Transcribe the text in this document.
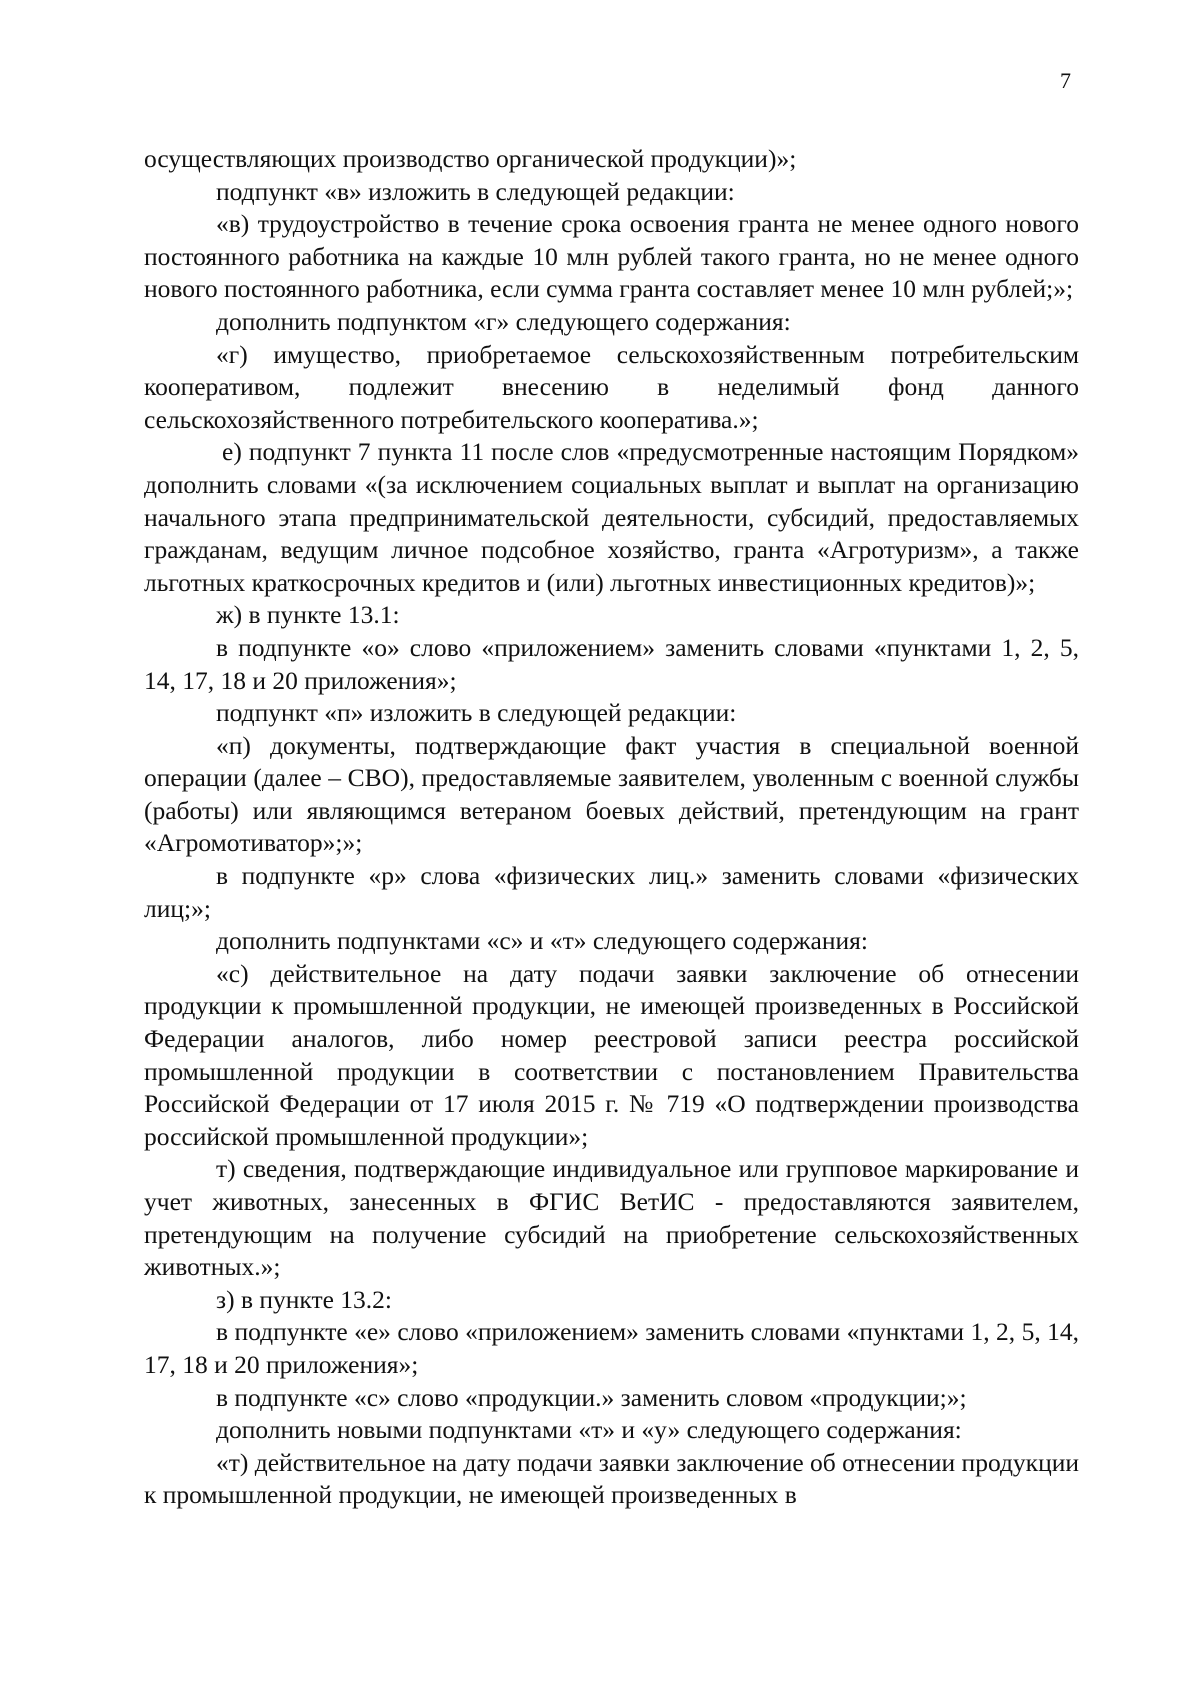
7

осуществляющих производство органической продукции)»;

подпункт «в» изложить в следующей редакции:

«в) трудоустройство в течение срока освоения гранта не менее одного нового постоянного работника на каждые 10 млн рублей такого гранта, но не менее одного нового постоянного работника, если сумма гранта составляет менее 10 млн рублей;»;

дополнить подпунктом «г» следующего содержания:

«г) имущество, приобретаемое сельскохозяйственным потребительским кооперативом, подлежит внесению в неделимый фонд данного сельскохозяйственного потребительского кооператива.»;

е) подпункт 7 пункта 11 после слов «предусмотренные настоящим Порядком» дополнить словами «(за исключением социальных выплат и выплат на организацию начального этапа предпринимательской деятельности, субсидий, предоставляемых гражданам, ведущим личное подсобное хозяйство, гранта «Агротуризм», а также льготных краткосрочных кредитов и (или) льготных инвестиционных кредитов)»;

ж) в пункте 13.1:

в подпункте «о» слово «приложением» заменить словами «пунктами 1, 2, 5, 14, 17, 18 и 20 приложения»;

подпункт «п» изложить в следующей редакции:

«п) документы, подтверждающие факт участия в специальной военной операции (далее – СВО), предоставляемые заявителем, уволенным с военной службы (работы) или являющимся ветераном боевых действий, претендующим на грант «Агромотиватор»;»;

в подпункте «р» слова «физических лиц.» заменить словами «физических лиц;»;

дополнить подпунктами «с» и «т» следующего содержания:

«с) действительное на дату подачи заявки заключение об отнесении продукции к промышленной продукции, не имеющей произведенных в Российской Федерации аналогов, либо номер реестровой записи реестра российской промышленной продукции в соответствии с постановлением Правительства Российской Федерации от 17 июля 2015 г. № 719 «О подтверждении производства российской промышленной продукции»;

т) сведения, подтверждающие индивидуальное или групповое маркирование и учет животных, занесенных в ФГИС ВетИС - предоставляются заявителем, претендующим на получение субсидий на приобретение сельскохозяйственных животных.»;

з) в пункте 13.2:

в подпункте «е» слово «приложением» заменить словами «пунктами 1, 2, 5, 14, 17, 18 и 20 приложения»;

в подпункте «с» слово «продукции.» заменить словом «продукции;»;

дополнить новыми подпунктами «т» и «у» следующего содержания:

«т) действительное на дату подачи заявки заключение об отнесении продукции к промышленной продукции, не имеющей произведенных в
